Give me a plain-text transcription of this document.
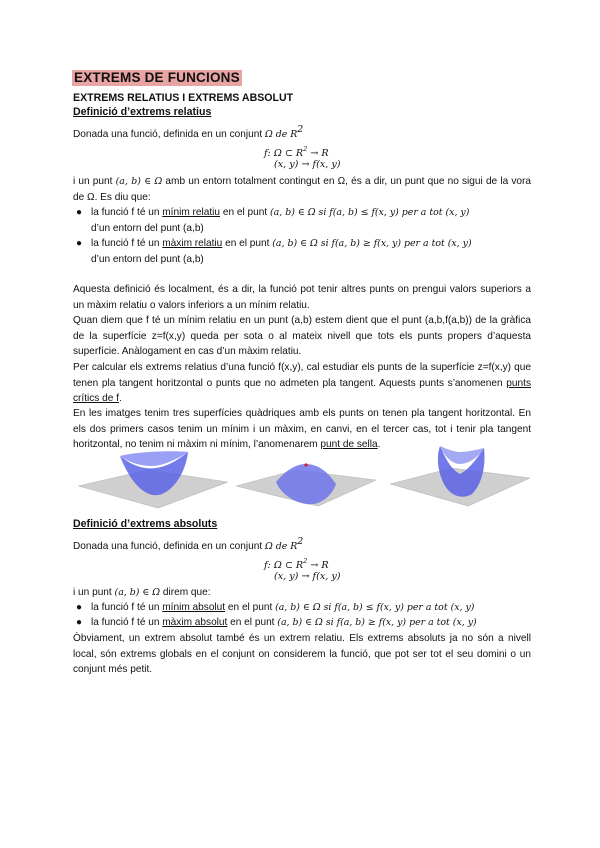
EXTREMS DE FUNCIONS
EXTREMS RELATIUS I EXTREMS ABSOLUT
Definició d’extrems relatius

Donada una funció, definida en un conjunt Ω de $R^2$

f: Ω ⊂ $R^2 \to R$
(x, y) → f(x, y)

i un punt (a, b) ∈ Ω amb un entorn totalment contingut en Ω, és a dir, un punt que no sigui de la vora de Ω. Es diu que:

● la funció f té un mínim relatiu en el punt (a, b) ∈ Ω si f(a, b) ≤ f(x, y) per a tot (x, y)
d’un entorn del punt (a,b)
● la funció f té un màxim relatiu en el punt (a, b) ∈ Ω si f(a, b) ≥ f(x, y) per a tot (x, y)
d’un entorn del punt (a,b)

Aquesta definició és localment, és a dir, la funció pot tenir altres punts on prengui valors superiors a un màxim relatiu o valors inferiors a un mínim relatiu.

Quan diem que f té un mínim relatiu en un punt (a,b) estem dient que el punt (a,b,f(a,b)) de la gràfica de la superfície z=f(x,y) queda per sota o al mateix nivell que tots els punts propers d’aquesta superfície. Anàlogament en cas d’un màxim relatiu.

Per calcular els extrems relatius d’una funció f(x,y), cal estudiar els punts de la superfície z=f(x,y) que tenen pla tangent horitzontal o punts que no admeten pla tangent. Aquests punts s’anomenen punts crítics de f.

En les imatges tenim tres superfícies quàdriques amb els punts on tenen pla tangent horitzontal. En els dos primers casos tenim un mínim i un màxim, en canvi, en el tercer cas, tot i tenir pla tangent horitzontal, no tenim ni màxim ni mínim, l’anomenarem punt de sella.

Definició d’extrems absoluts

Donada una funció, definida en un conjunt Ω de $R^2$

f: Ω ⊂ $R^2 \to R$
(x, y) → f(x, y)

i un punt (a, b) ∈ Ω direm que:

● la funció f té un mínim absolut en el punt (a, b) ∈ Ω si f(a, b) ≤ f(x, y) per a tot (x, y)
● la funció f té un màxim absolut en el punt (a, b) ∈ Ω si f(a, b) ≥ f(x, y) per a tot (x, y)

Òbviament, un extrem absolut també és un extrem relatiu. Els extrems absoluts ja no són a nivell local, són extrems globals en el conjunt on considerem la funció, que pot ser tot el seu domini o un conjunt més petit.
